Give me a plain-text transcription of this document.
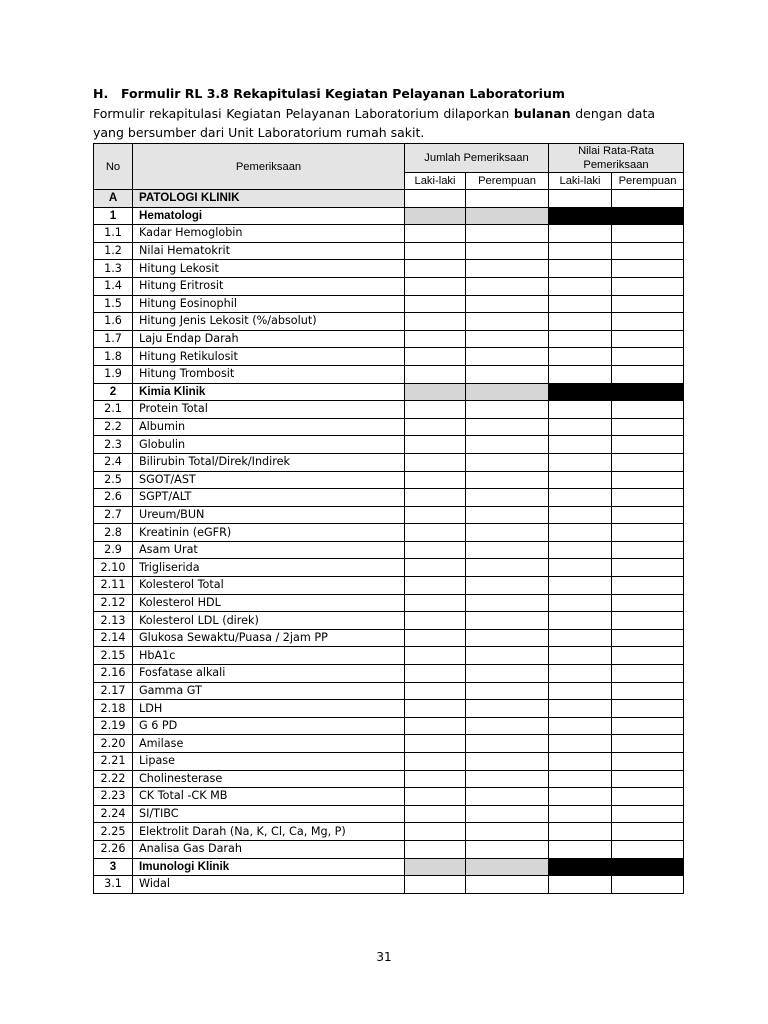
H. Formulir RL 3.8 Rekapitulasi Kegiatan Pelayanan Laboratorium
Formulir rekapitulasi Kegiatan Pelayanan Laboratorium dilaporkan bulanan dengan data yang bersumber dari Unit Laboratorium rumah sakit.
No	Pemeriksaan	Jumlah Pemeriksaan		Nilai Rata-Rata Pemeriksaan	
		Laki-laki	Perempuan	Laki-laki	Perempuan
A	PATOLOGI KLINIK				
1	Hematologi				
1.1	Kadar Hemoglobin				
1.2	Nilai Hematokrit				
1.3	Hitung Lekosit				
1.4	Hitung Eritrosit				
1.5	Hitung Eosinophil				
1.6	Hitung Jenis Lekosit (%/absolut)				
1.7	Laju Endap Darah				
1.8	Hitung Retikulosit				
1.9	Hitung Trombosit				
2	Kimia Klinik				
2.1	Protein Total				
2.2	Albumin				
2.3	Globulin				
2.4	Bilirubin Total/Direk/Indirek				
2.5	SGOT/AST				
2.6	SGPT/ALT				
2.7	Ureum/BUN				
2.8	Kreatinin (eGFR)				
2.9	Asam Urat				
2.10	Trigliserida				
2.11	Kolesterol Total				
2.12	Kolesterol HDL				
2.13	Kolesterol LDL (direk)				
2.14	Glukosa Sewaktu/Puasa / 2jam PP				
2.15	HbA1c				
2.16	Fosfatase alkali				
2.17	Gamma GT				
2.18	LDH				
2.19	G 6 PD				
2.20	Amilase				
2.21	Lipase				
2.22	Cholinesterase				
2.23	CK Total -CK MB				
2.24	SI/TIBC				
2.25	Elektrolit Darah (Na, K, Cl, Ca, Mg, P)				
2.26	Analisa Gas Darah				
3	Imunologi Klinik				
3.1	Widal				
31
